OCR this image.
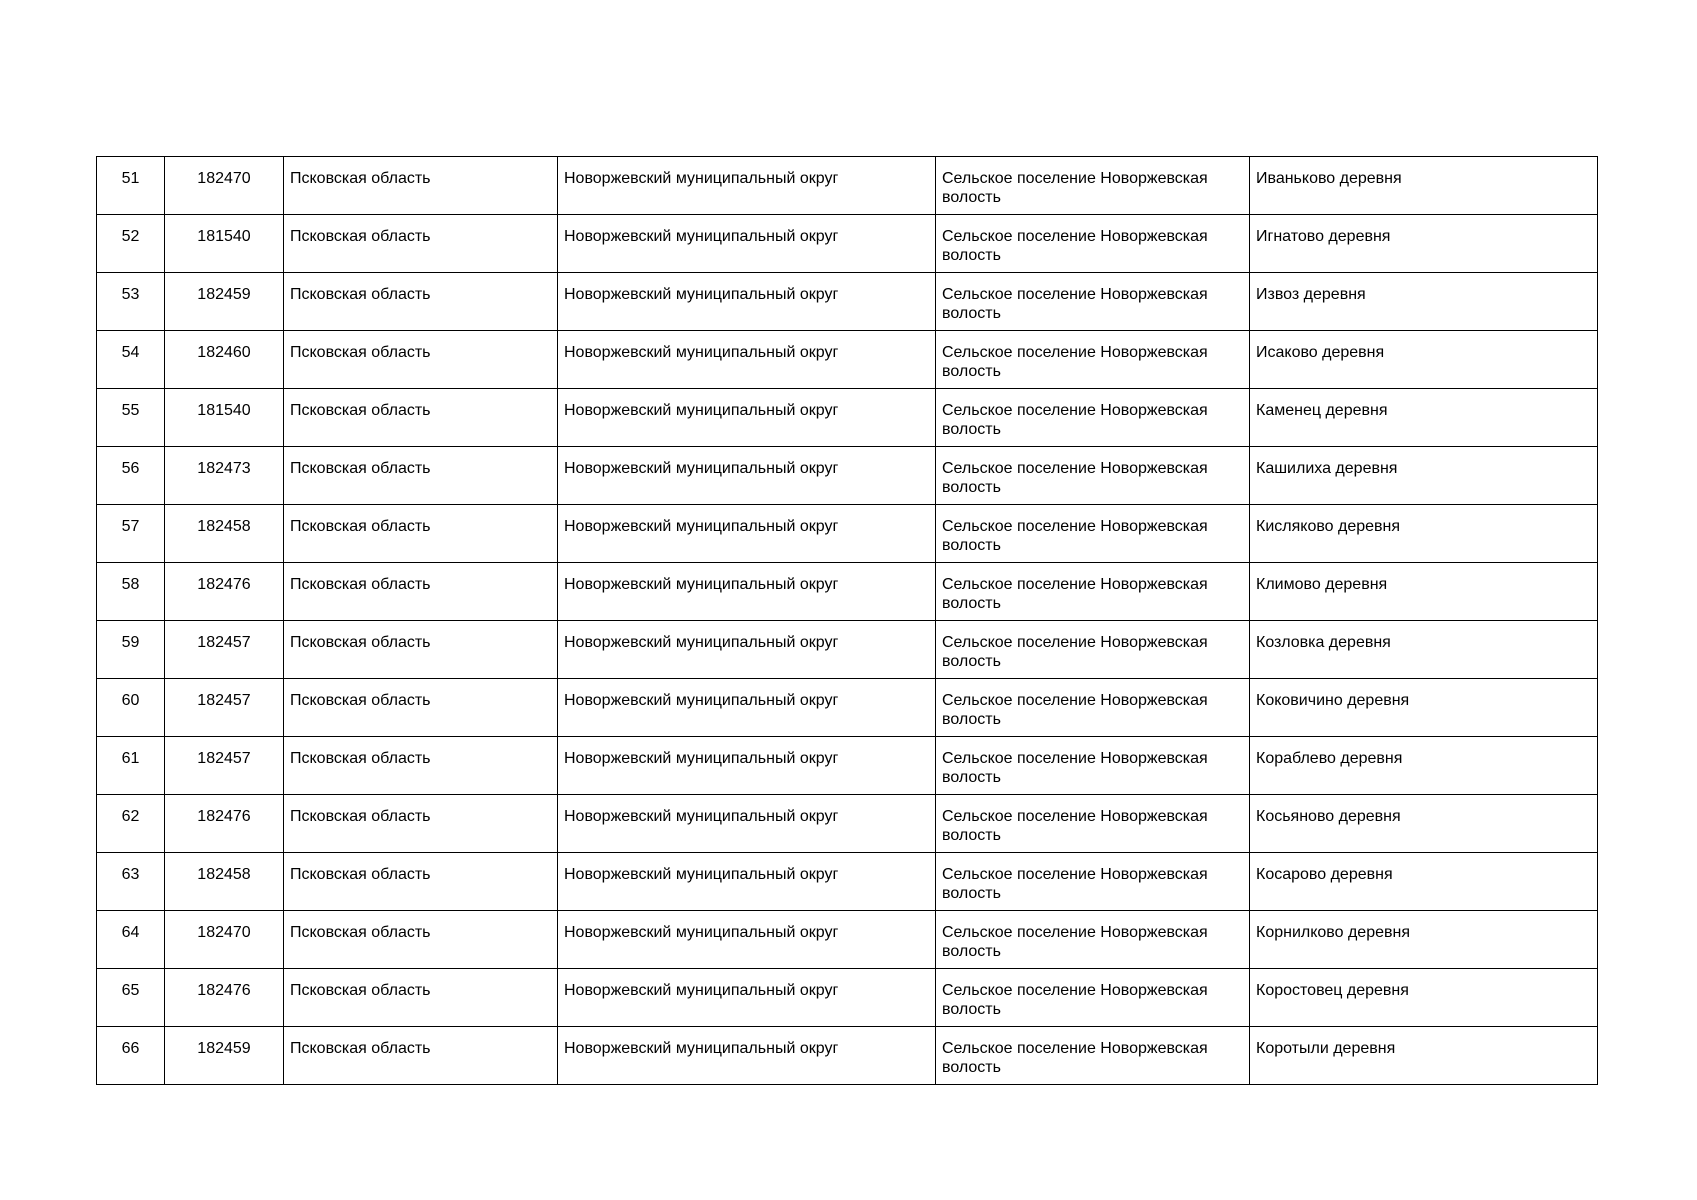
51	182470	Псковская область	Новоржевский муниципальный округ	Сельское поселение Новоржевская волость	Иваньково деревня
52	181540	Псковская область	Новоржевский муниципальный округ	Сельское поселение Новоржевская волость	Игнатово деревня
53	182459	Псковская область	Новоржевский муниципальный округ	Сельское поселение Новоржевская волость	Извоз деревня
54	182460	Псковская область	Новоржевский муниципальный округ	Сельское поселение Новоржевская волость	Исаково деревня
55	181540	Псковская область	Новоржевский муниципальный округ	Сельское поселение Новоржевская волость	Каменец деревня
56	182473	Псковская область	Новоржевский муниципальный округ	Сельское поселение Новоржевская волость	Кашилиха деревня
57	182458	Псковская область	Новоржевский муниципальный округ	Сельское поселение Новоржевская волость	Кисляково деревня
58	182476	Псковская область	Новоржевский муниципальный округ	Сельское поселение Новоржевская волость	Климово деревня
59	182457	Псковская область	Новоржевский муниципальный округ	Сельское поселение Новоржевская волость	Козловка деревня
60	182457	Псковская область	Новоржевский муниципальный округ	Сельское поселение Новоржевская волость	Коковичино деревня
61	182457	Псковская область	Новоржевский муниципальный округ	Сельское поселение Новоржевская волость	Кораблево деревня
62	182476	Псковская область	Новоржевский муниципальный округ	Сельское поселение Новоржевская волость	Косьяново деревня
63	182458	Псковская область	Новоржевский муниципальный округ	Сельское поселение Новоржевская волость	Косарово деревня
64	182470	Псковская область	Новоржевский муниципальный округ	Сельское поселение Новоржевская волость	Корнилково деревня
65	182476	Псковская область	Новоржевский муниципальный округ	Сельское поселение Новоржевская волость	Коростовец деревня
66	182459	Псковская область	Новоржевский муниципальный округ	Сельское поселение Новоржевская волость	Коротыли деревня
